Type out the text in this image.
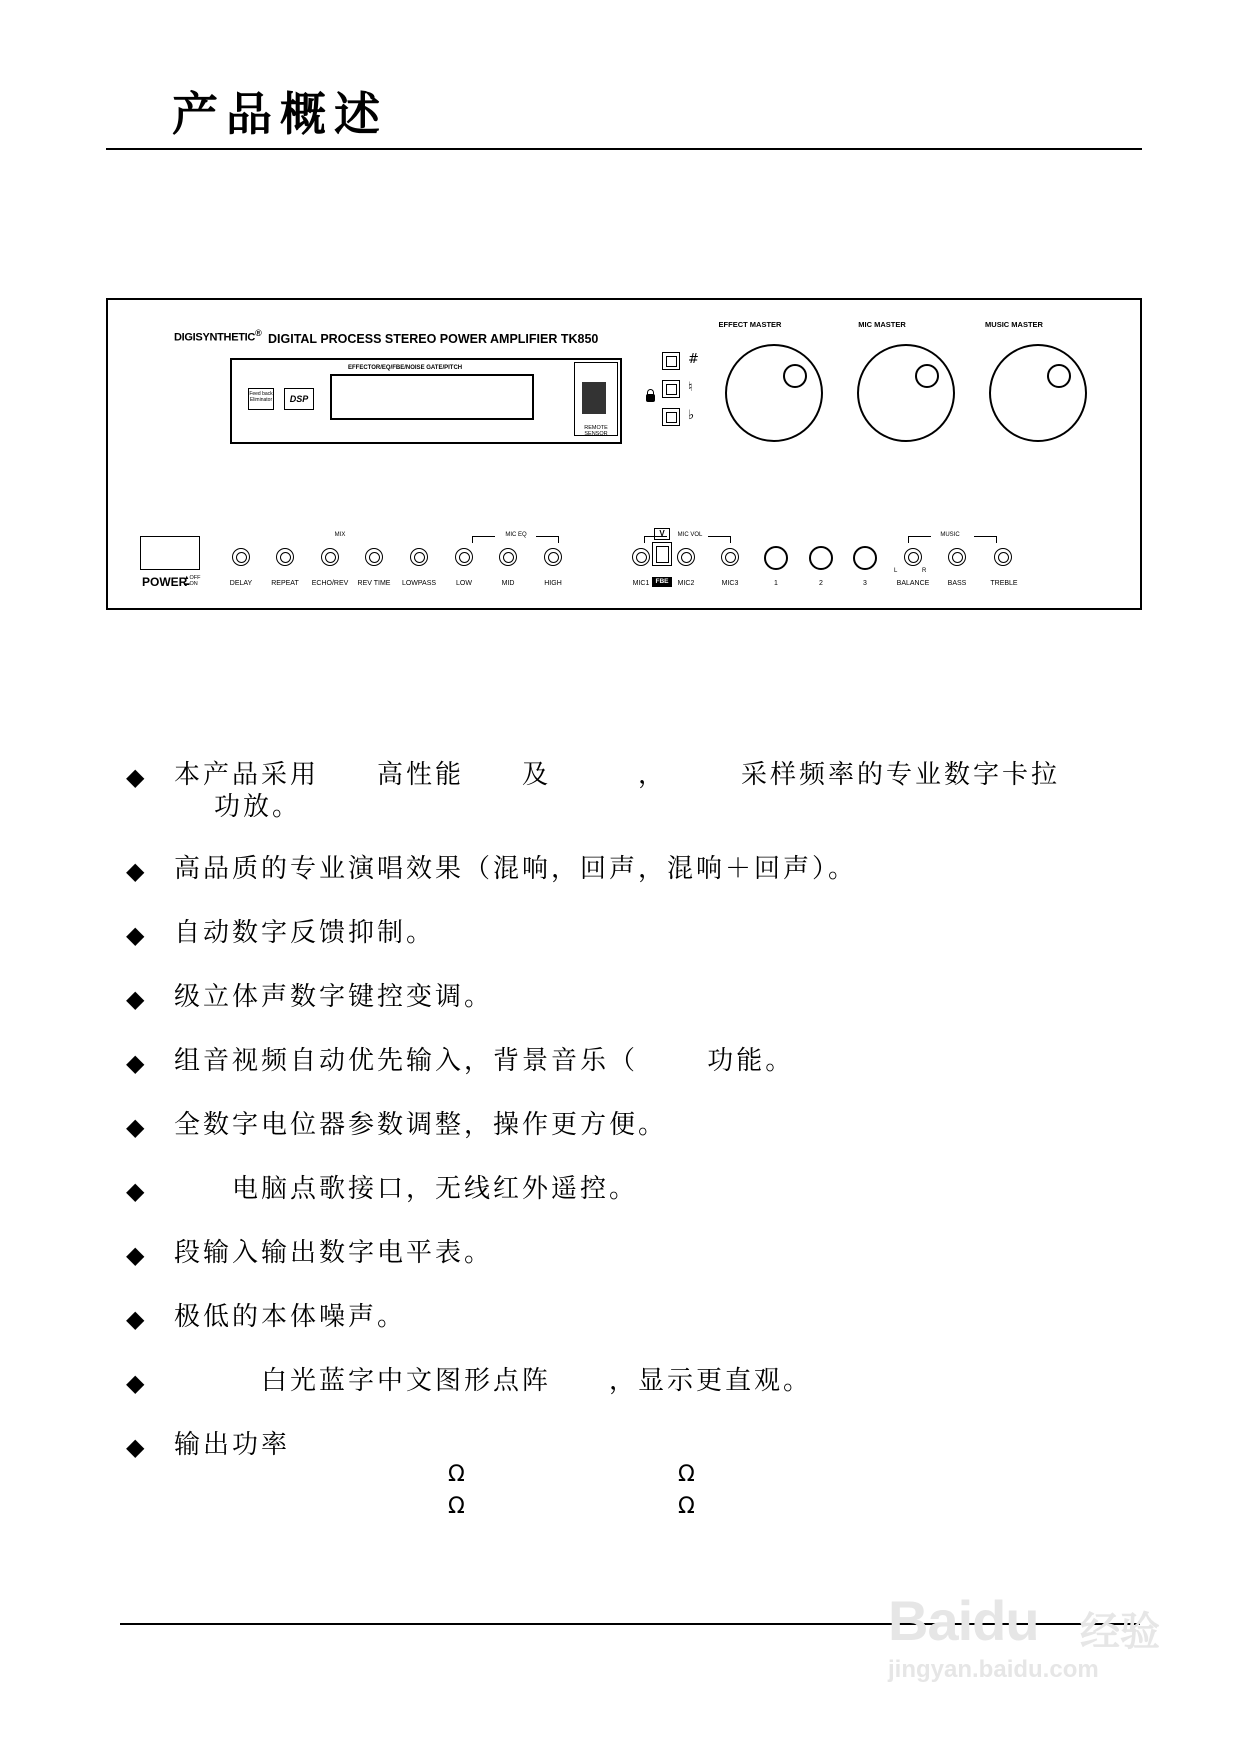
产品概述
DIGISYNTHETIC® DIGITAL PROCESS STEREO POWER AMPLIFIER TK850
EFFECTOR/EQ/FBE/NOISE GATE/PITCH
Feed back Eliminator	DSP
REMOTE SENSOR
#
♮
♭
EFFECT MASTER	MIC MASTER	MUSIC MASTER
POWER
▲OFF
▬ON
MIX	MIC EQ	MIC VOL	MUSIC
V
FBE
DELAY	REPEAT	ECHO/REV	REV TIME	LOWPASS	LOW	MID	HIGH	MIC1	MIC2	MIC3	1	2	3
L	R
BALANCE	BASS	TREBLE
◆ 本产品采用　　高性能　　及　　　，　　　采样频率的专业数字卡拉
功放。
◆ 高品质的专业演唱效果（混响，回声，混响＋回声）。
◆ 自动数字反馈抑制。
◆ 级立体声数字键控变调。
◆ 组音视频自动优先输入，背景音乐（　　 功能。
◆ 全数字电位器参数调整，操作更方便。
◆ 　　电脑点歌接口，无线红外遥控。
◆ 段输入输出数字电平表。
◆ 极低的本体噪声。
◆ 　　　白光蓝字中文图形点阵　　，显示更直观。
◆ 输出功率
Ω	Ω
Ω	Ω
Baidu 经验
jingyan.baidu.com
